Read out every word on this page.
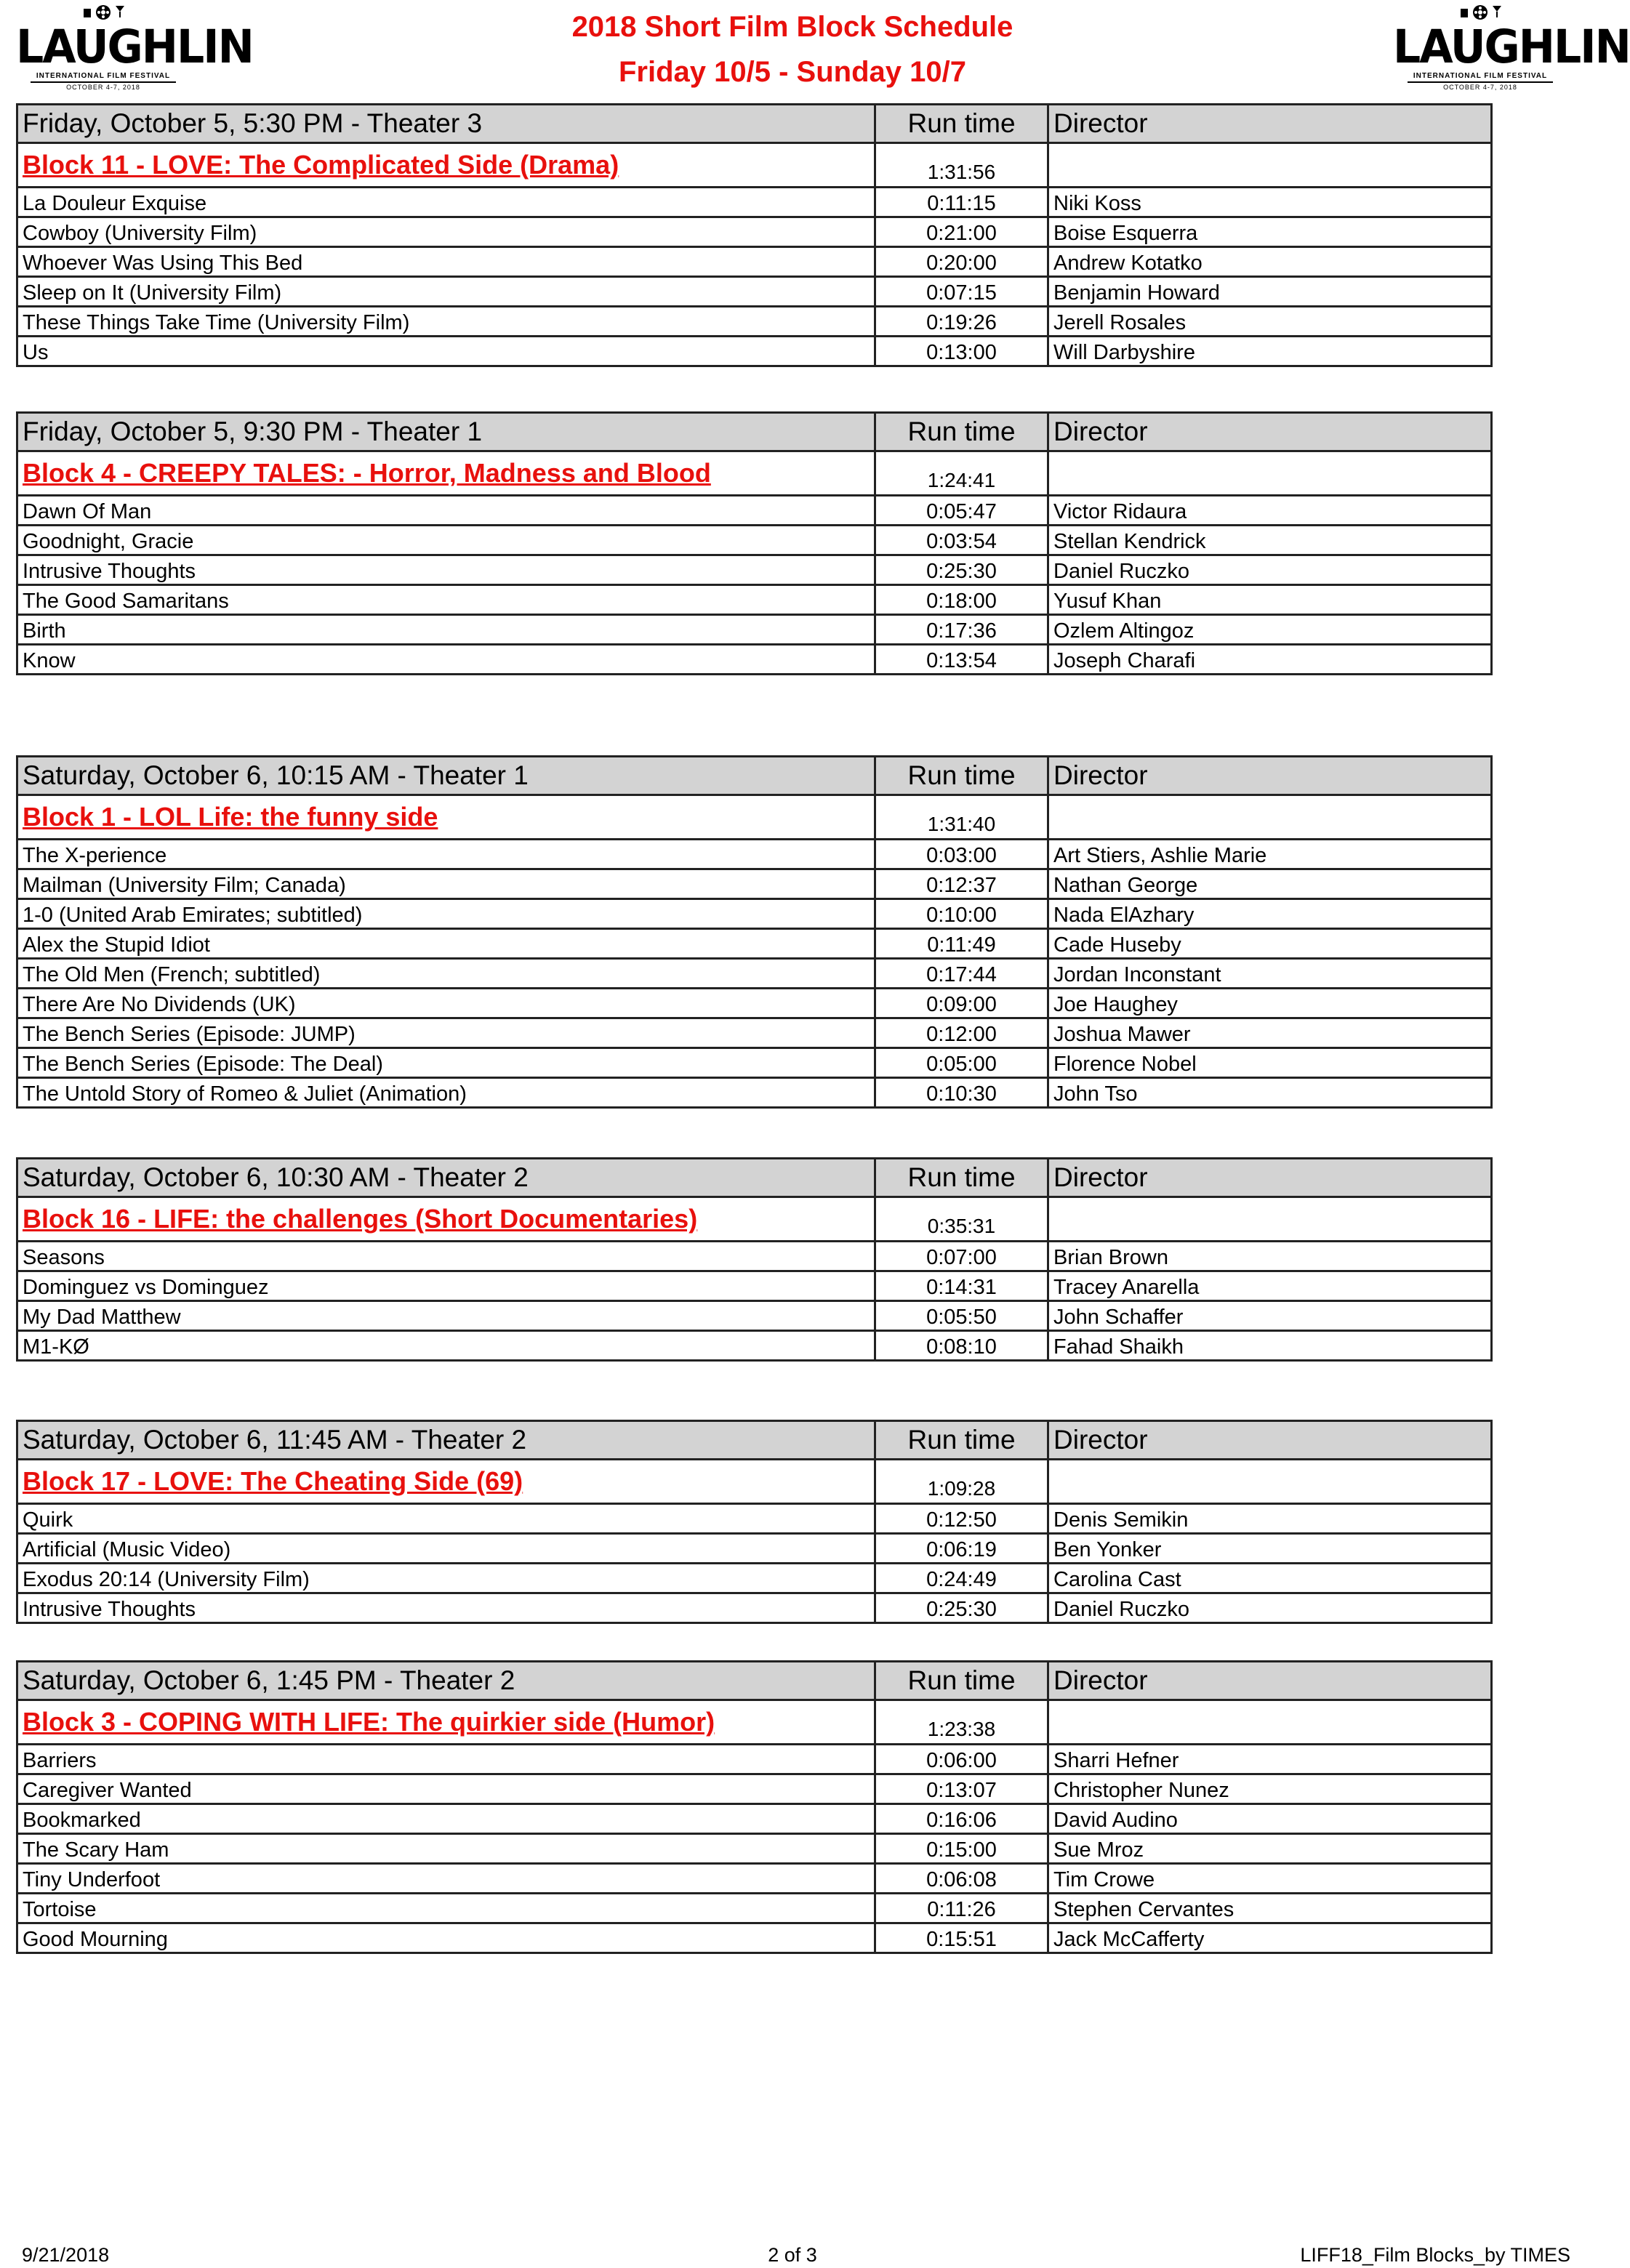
LAUGHLIN
INTERNATIONAL FILM FESTIVAL
OCTOBER 4-7, 2018
LAUGHLIN
INTERNATIONAL FILM FESTIVAL
OCTOBER 4-7, 2018
2018 Short Film Block Schedule
Friday 10/5 - Sunday 10/7
Friday, October 5, 5:30 PM - Theater 3	Run time	Director
Block 11 - LOVE: The Complicated Side (Drama)	1:31:56	
La Douleur Exquise	0:11:15	Niki Koss
Cowboy (University Film)	0:21:00	Boise Esquerra
Whoever Was Using This Bed	0:20:00	Andrew Kotatko
Sleep on It (University Film)	0:07:15	Benjamin Howard
These Things Take Time (University Film)	0:19:26	Jerell Rosales
Us	0:13:00	Will Darbyshire
Friday, October 5, 9:30 PM - Theater 1	Run time	Director
Block 4 - CREEPY TALES: - Horror, Madness and Blood	1:24:41	
Dawn Of Man	0:05:47	Victor Ridaura
Goodnight, Gracie	0:03:54	Stellan Kendrick
Intrusive Thoughts	0:25:30	Daniel Ruczko
The Good Samaritans	0:18:00	Yusuf Khan
Birth	0:17:36	Ozlem Altingoz
Know	0:13:54	Joseph Charafi
Saturday, October 6, 10:15 AM - Theater 1	Run time	Director
Block 1 - LOL Life: the funny side	1:31:40	
The X-perience	0:03:00	Art Stiers, Ashlie Marie
Mailman (University Film; Canada)	0:12:37	Nathan George
1-0 (United Arab Emirates; subtitled)	0:10:00	Nada ElAzhary
Alex the Stupid Idiot	0:11:49	Cade Huseby
The Old Men (French; subtitled)	0:17:44	Jordan Inconstant
There Are No Dividends (UK)	0:09:00	Joe Haughey
The Bench Series (Episode: JUMP)	0:12:00	Joshua Mawer
The Bench Series (Episode: The Deal)	0:05:00	Florence Nobel
The Untold Story of Romeo & Juliet (Animation)	0:10:30	John Tso
Saturday, October 6, 10:30 AM - Theater 2	Run time	Director
Block 16 - LIFE: the challenges (Short Documentaries)	0:35:31	
Seasons	0:07:00	Brian Brown
Dominguez vs Dominguez	0:14:31	Tracey Anarella
My Dad Matthew	0:05:50	John Schaffer
M1-KØ	0:08:10	Fahad Shaikh
Saturday, October 6, 11:45 AM - Theater 2	Run time	Director
Block 17 - LOVE: The Cheating Side (69)	1:09:28	
Quirk	0:12:50	Denis Semikin
Artificial (Music Video)	0:06:19	Ben Yonker
Exodus 20:14 (University Film)	0:24:49	Carolina Cast
Intrusive Thoughts	0:25:30	Daniel Ruczko
Saturday, October 6, 1:45 PM - Theater 2	Run time	Director
Block 3 - COPING WITH LIFE: The quirkier side (Humor)	1:23:38	
Barriers	0:06:00	Sharri Hefner
Caregiver Wanted	0:13:07	Christopher Nunez
Bookmarked	0:16:06	David Audino
The Scary Ham	0:15:00	Sue Mroz
Tiny Underfoot	0:06:08	Tim Crowe
Tortoise	0:11:26	Stephen Cervantes
Good Mourning	0:15:51	Jack McCafferty
9/21/2018	2 of 3	LIFF18_Film Blocks_by TIMES
